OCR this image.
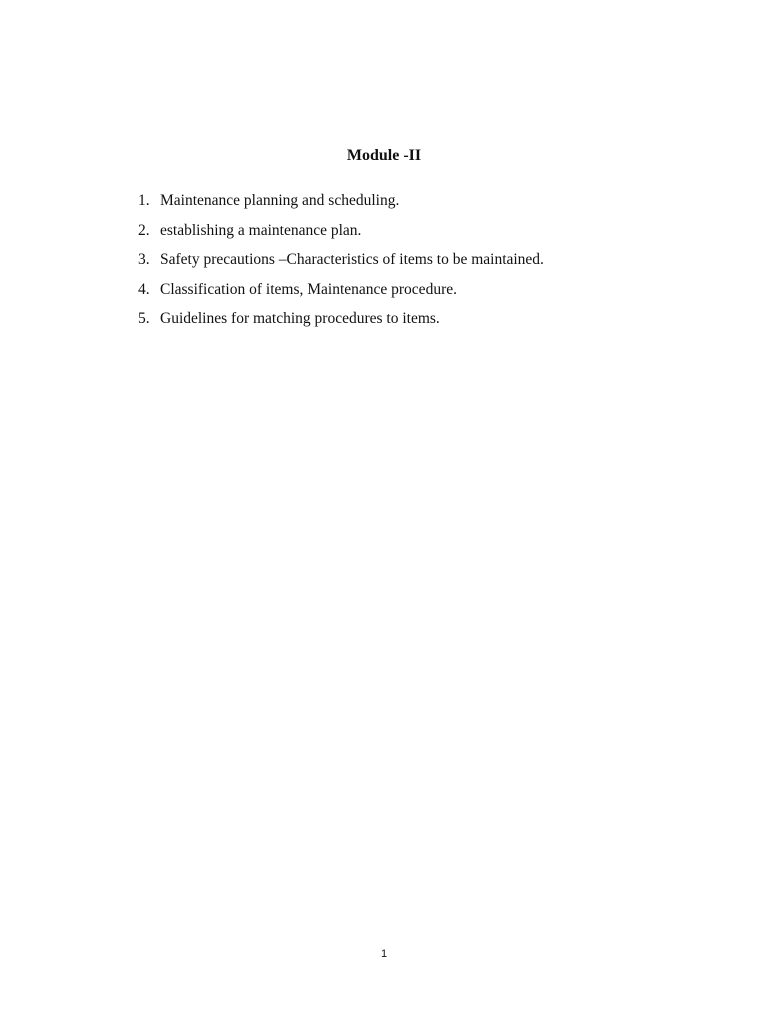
Module -II
1. Maintenance planning and scheduling.
2. establishing a maintenance plan.
3. Safety precautions –Characteristics of items to be maintained.
4. Classification of items, Maintenance procedure.
5. Guidelines for matching procedures to items.
1
